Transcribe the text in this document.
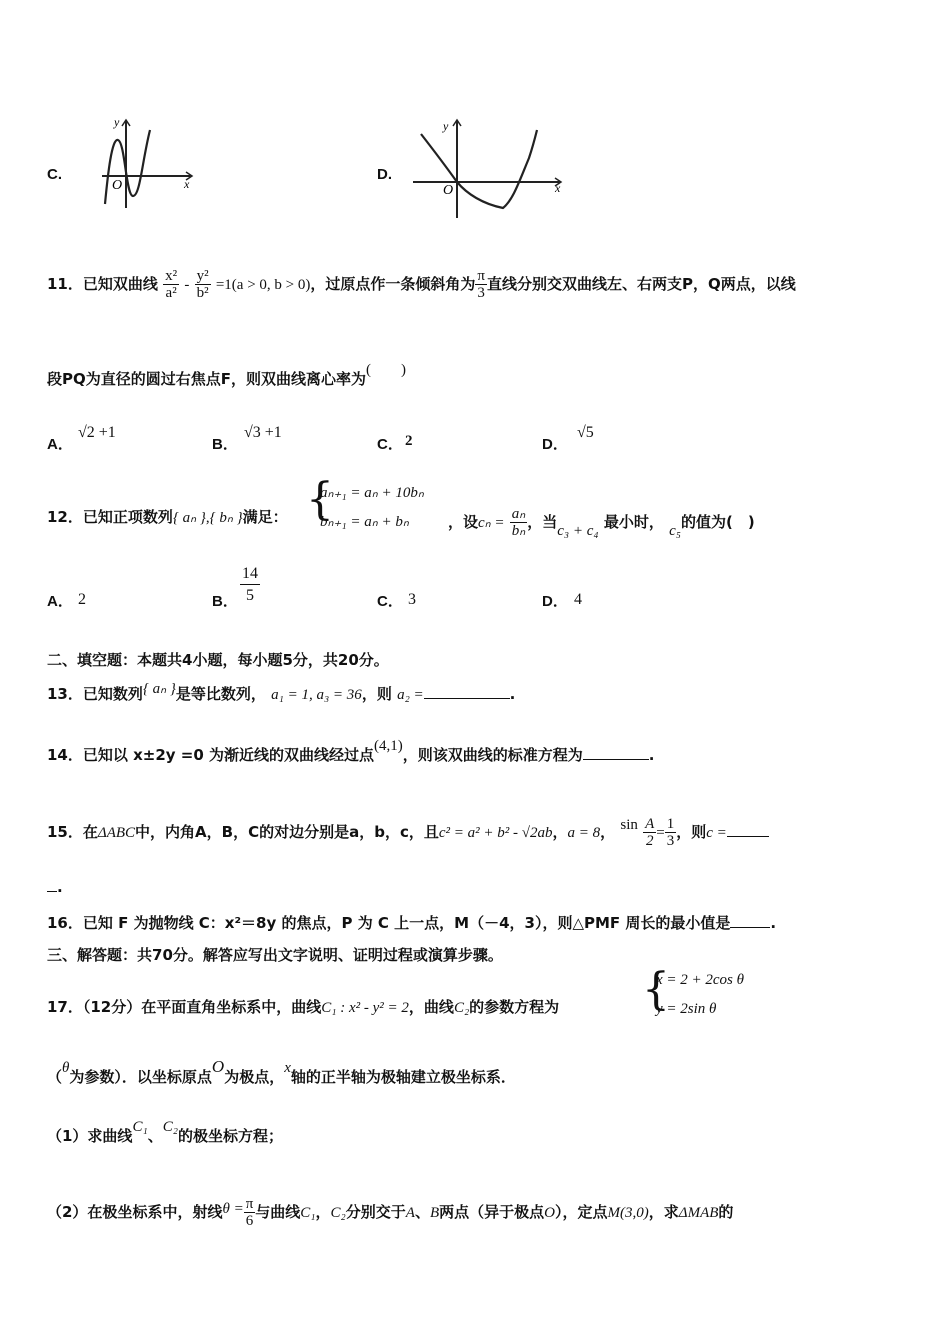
C.
y
x
O
D.
y
x
O
11．已知双曲线 $\frac{\text{x²}}{\text{a²}} - \frac{\text{y²}}{\text{b²}} =1(a > 0$, b > 0)，过原点作一条倾斜角为 $\frac{\pi}{3}$ 直线分别交双曲线左、右两支P，Q两点，以线
段PQ为直径的圆过右焦点F，则双曲线离心率为(　　)
A．
√2 +1
B．
√3 +1
C． 2	D．
√5
12．已知正项数列{ aₙ },{ bₙ }满足： {
aₙ₊₁ = aₙ + 10bₙ
bₙ₊₁ = aₙ + bₙ	，设$c_n = \frac{\text{aₙ}}{\text{bₙ}}$ ，当c₃ + c₄ 最小时， c₅的值为(　)
A． 2	B． $\frac{14}{5}$	C． 3	D． 4
二、填空题：本题共4小题，每小题5分，共20分。
13．已知数列{ aₙ }是等比数列， a₁ = 1, a₃ = 36，则 a₂ =	.
14．已知以 x±2y =0 为渐近线的双曲线经过点(4,1)，则该双曲线的标准方程为	.
15．在ΔABC中，内角A，B，C的对边分别是a，b，c，且c² = a² + b² - √2ab，a = 8， $\sin \frac{A}{2} = \frac{1}{3}$ ，则c =
.
16．已知 F 为抛物线 C：x²＝8y 的焦点，P 为 C 上一点，M（－4，3），则△PMF 周长的最小值是	.
三、解答题：共70分。解答应写出文字说明、证明过程或演算步骤。
17．（12分）在平面直角坐标系中，曲线C₁ : x² - y² = 2，曲线C₂的参数方程为 {
x = 2 + 2cos θ
y = 2sin θ
（θ为参数）．以坐标原点O为极点，x轴的正半轴为极轴建立极坐标系．
（1）求曲线C₁、C₂的极坐标方程；
（2）在极坐标系中，射线$\theta = \frac{\pi}{6}$ 与曲线C₁，C₂分别交于A、B两点（异于极点O），定点M(3,0)，求ΔMAB的
